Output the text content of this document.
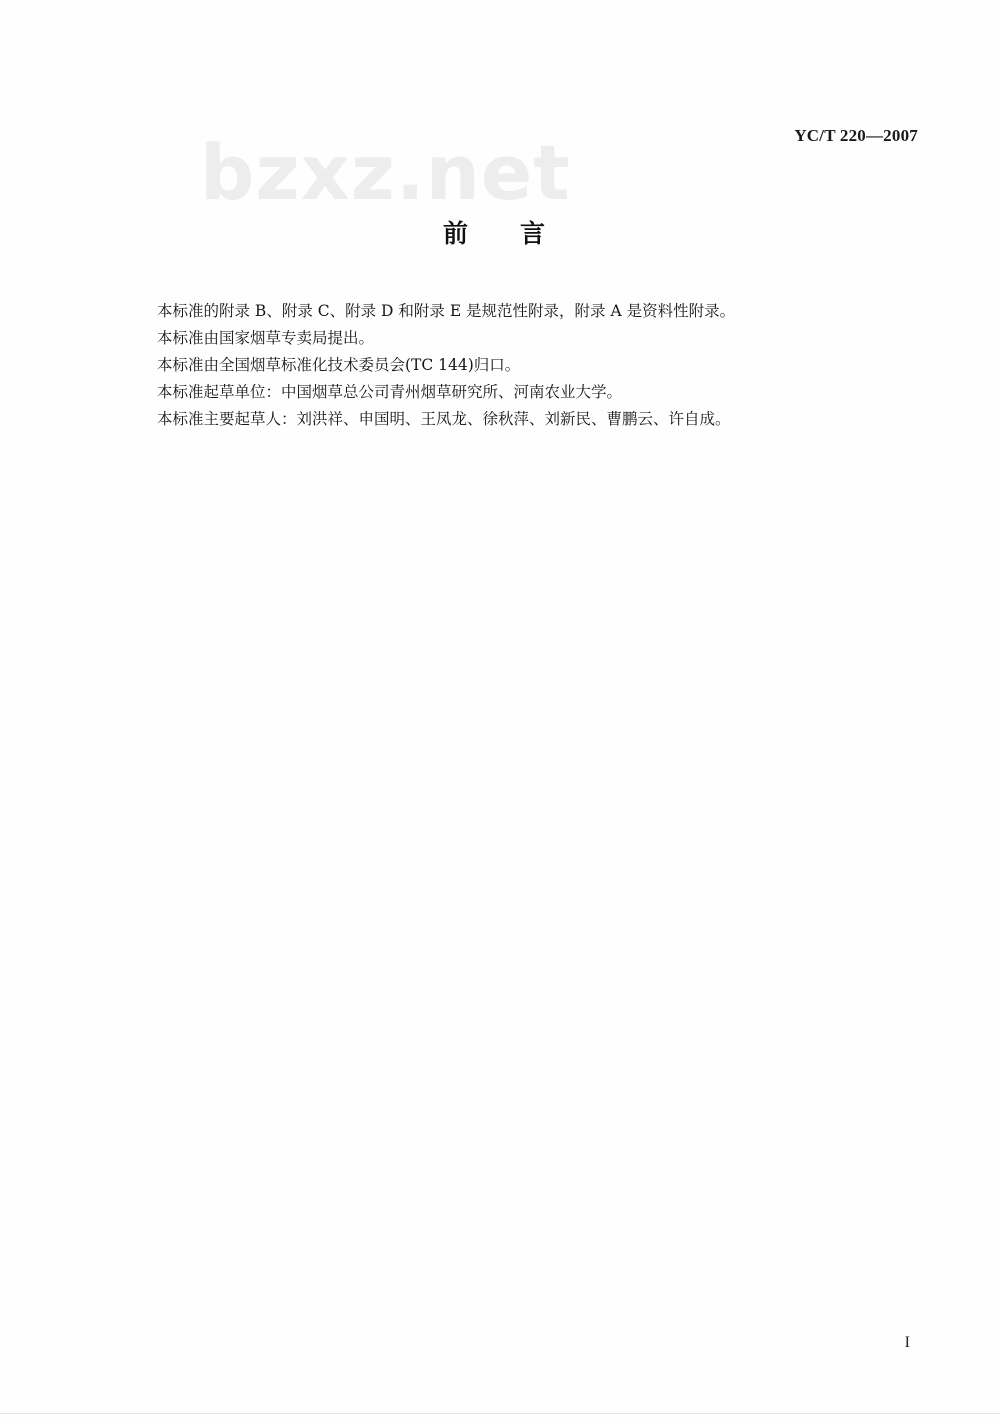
YC/T 220—2007
bzxz.net
前言

本标准的附录 B、附录 C、附录 D 和附录 E 是规范性附录，附录 A 是资料性附录。

本标准由国家烟草专卖局提出。

本标准由全国烟草标准化技术委员会(TC 144)归口。

本标准起草单位：中国烟草总公司青州烟草研究所、河南农业大学。

本标准主要起草人：刘洪祥、申国明、王凤龙、徐秋萍、刘新民、曹鹏云、许自成。

I
